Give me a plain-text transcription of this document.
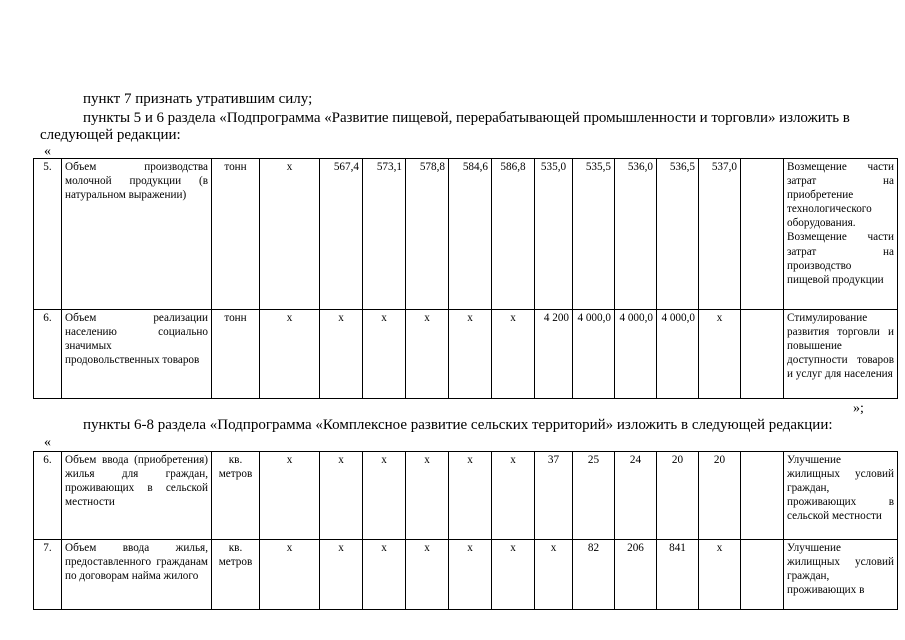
пункт 7 признать утратившим силу;
пункты 5 и 6 раздела «Подпрограмма «Развитие пищевой, перерабатывающей промышленности и торговли» изложить в
следующей редакции:
«
5.	Объем производства молочной продукции (в натуральном выражении)	тонн	х	567,4	573,1	578,8	584,6	586,8	535,0	535,5	536,0	536,5	537,0		Возмещение части затрат на приобретение технологического оборудования. Возмещение части затрат на производство пищевой продукции
6.	Объем реализации населению социально значимых продовольственных товаров	тонн	х	х	х	х	х	х	4 200	4 000,0	4 000,0	4 000,0	х		Стимулирование развития торговли и повышение доступности товаров и услуг для населения
»;
пункты 6-8 раздела «Подпрограмма «Комплексное развитие сельских территорий» изложить в следующей редакции:
«
6.	Объем ввода (приобретения) жилья для граждан, проживающих в сельской местности	кв. метров	х	х	х	х	х	х	37	25	24	20	20		Улучшение жилищных условий граждан, проживающих в сельской местности
7.	Объем ввода жилья, предоставленного гражданам по договорам найма жилого	кв. метров	х	х	х	х	х	х	х	82	206	841	х		Улучшение жилищных условий граждан, проживающих в
